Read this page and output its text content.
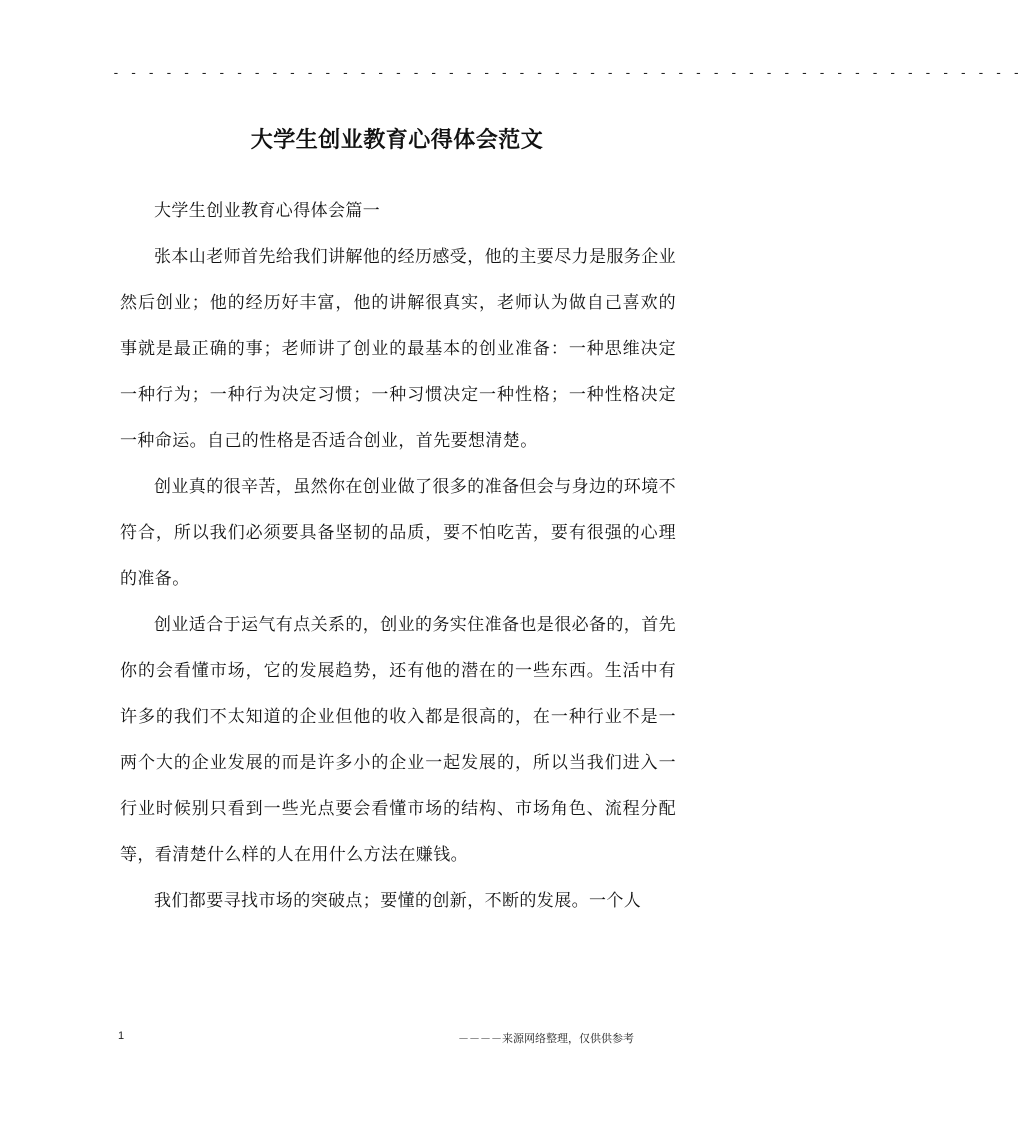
- - - - - - - - - - - - - - - - - - - - - - - - - - - - - - - - - - - - - - - - - - - - - - - - - - - -
大学生创业教育心得体会范文

大学生创业教育心得体会篇一

张本山老师首先给我们讲解他的经历感受，他的主要尽力是服务企业然后创业；他的经历好丰富，他的讲解很真实，老师认为做自己喜欢的事就是最正确的事；老师讲了创业的最基本的创业准备：一种思维决定一种行为；一种行为决定习惯；一种习惯决定一种性格；一种性格决定一种命运。自己的性格是否适合创业，首先要想清楚。

创业真的很辛苦，虽然你在创业做了很多的准备但会与身边的环境不符合，所以我们必须要具备坚韧的品质，要不怕吃苦，要有很强的心理的准备。

创业适合于运气有点关系的，创业的务实住准备也是很必备的，首先你的会看懂市场，它的发展趋势，还有他的潜在的一些东西。生活中有许多的我们不太知道的企业但他的收入都是很高的，在一种行业不是一两个大的企业发展的而是许多小的企业一起发展的，所以当我们进入一行业时候别只看到一些光点要会看懂市场的结构、市场角色、流程分配等，看清楚什么样的人在用什么方法在赚钱。

我们都要寻找市场的突破点；要懂的创新，不断的发展。一个人

1	－－－－来源网络整理，仅供供参考
